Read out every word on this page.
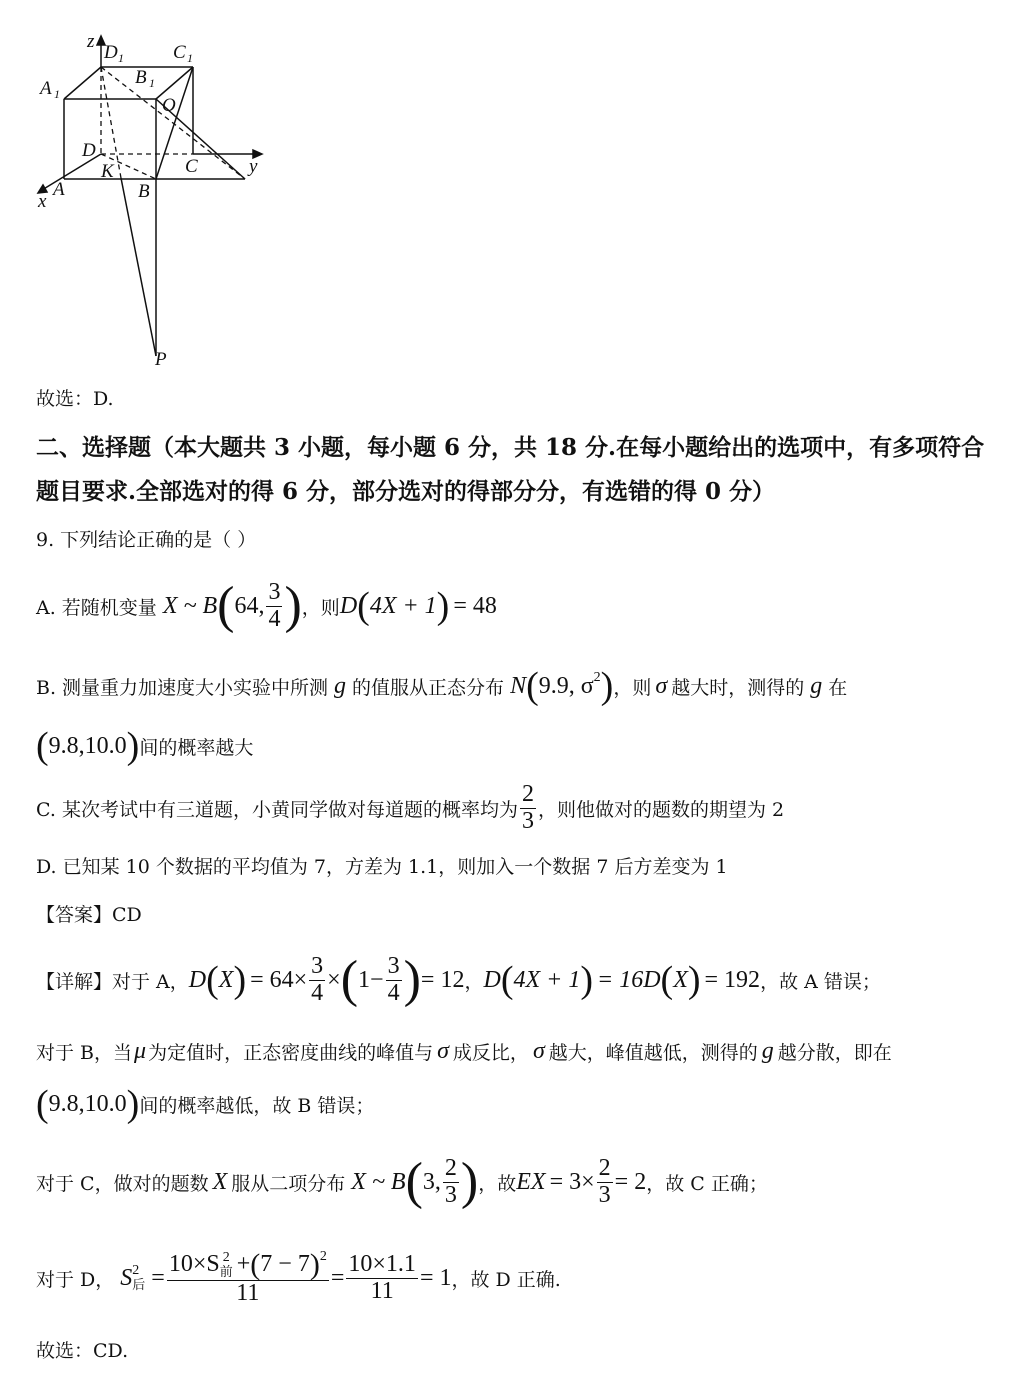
z
D 1	C 1
A 1
B 1
O
D
C
K
A	B
x
y
P
故选：D.
二、选择题（本大题共 3 小题，每小题 6 分，共 18 分.在每小题给出的选项中，有多项符合
题目要求.全部选对的得 6 分，部分选对的得部分分，有选错的得 0 分）
9. 下列结论正确的是（ ）
A. 若随机变量 X ~ B ( 64, $\frac{3}{4}$ ) ，则 D ( 4X + 1 ) = 48
B. 测量重力加速度大小实验中所测 g 的值服从正态分布 N ( 9.9, $\sigma^2$ ) ，则 σ 越大时，测得的 g 在
( 9.8,10.0 ) 间的概率越大
C. 某次考试中有三道题，小黄同学做对每道题的概率均为 $\frac{2}{3}$ ，则他做对的题数的期望为 2
D. 已知某 10 个数据的平均值为 7，方差为 1.1，则加入一个数据 7 后方差变为 1
【答案】CD
【详解】对于 A， D ( X ) = $64\times \frac{3}{4}$ × ( $1- \frac{3}{4}$ ) = 12 ， D ( 4X + 1 ) = 16D ( X ) = 192 ，故 A 错误；
对于 B，当 μ 为定值时，正态密度曲线的峰值与 σ 成反比， σ 越大，峰值越低，测得的 g 越分散，即在
( 9.8,10.0 ) 间的概率越低，故 B 错误；
对于 C，做对的题数 X 服从二项分布 X ~ B ( 3, $\frac{2}{3}$ ) ，故 EX = $3\times \frac{2}{3} = 2$ ，故 C 正确；
对于 D， S 2
后 =
10×S 2
前 + ( 7 − 7 )$^2$
11
= $\frac{10\times 1.1}{11} = 1$ ，故 D 正确.
故选：CD.
